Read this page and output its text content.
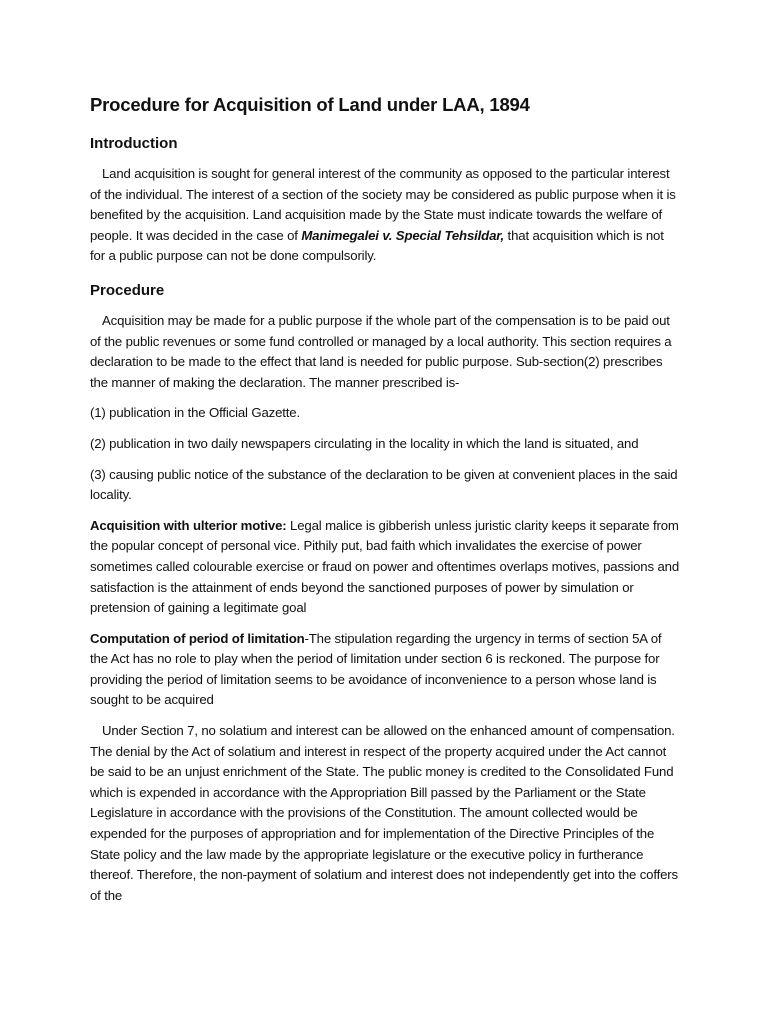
Procedure for Acquisition of Land under LAA, 1894
Introduction

Land acquisition is sought for general interest of the community as opposed to the particular interest of the individual. The interest of a section of the society may be considered as public purpose when it is benefited by the acquisition. Land acquisition made by the State must indicate towards the welfare of people. It was decided in the case of Manimegalei v. Special Tehsildar, that acquisition which is not for a public purpose can not be done compulsorily.

Procedure

Acquisition may be made for a public purpose if the whole part of the compensation is to be paid out of the public revenues or some fund controlled or managed by a local authority. This section requires a declaration to be made to the effect that land is needed for public purpose. Sub-section(2) prescribes the manner of making the declaration. The manner prescribed is-

(1) publication in the Official Gazette.

(2) publication in two daily newspapers circulating in the locality in which the land is situated, and

(3) causing public notice of the substance of the declaration to be given at convenient places in the said locality.

Acquisition with ulterior motive: Legal malice is gibberish unless juristic clarity keeps it separate from the popular concept of personal vice. Pithily put, bad faith which invalidates the exercise of power sometimes called colourable exercise or fraud on power and oftentimes overlaps motives, passions and satisfaction is the attainment of ends beyond the sanctioned purposes of power by simulation or pretension of gaining a legitimate goal

Computation of period of limitation-The stipulation regarding the urgency in terms of section 5A of the Act has no role to play when the period of limitation under section 6 is reckoned. The purpose for providing the period of limitation seems to be avoidance of inconvenience to a person whose land is sought to be acquired

Under Section 7, no solatium and interest can be allowed on the enhanced amount of compensation. The denial by the Act of solatium and interest in respect of the property acquired under the Act cannot be said to be an unjust enrichment of the State. The public money is credited to the Consolidated Fund which is expended in accordance with the Appropriation Bill passed by the Parliament or the State Legislature in accordance with the provisions of the Constitution. The amount collected would be expended for the purposes of appropriation and for implementation of the Directive Principles of the State policy and the law made by the appropriate legislature or the executive policy in furtherance thereof. Therefore, the non-payment of solatium and interest does not independently get into the coffers of the
